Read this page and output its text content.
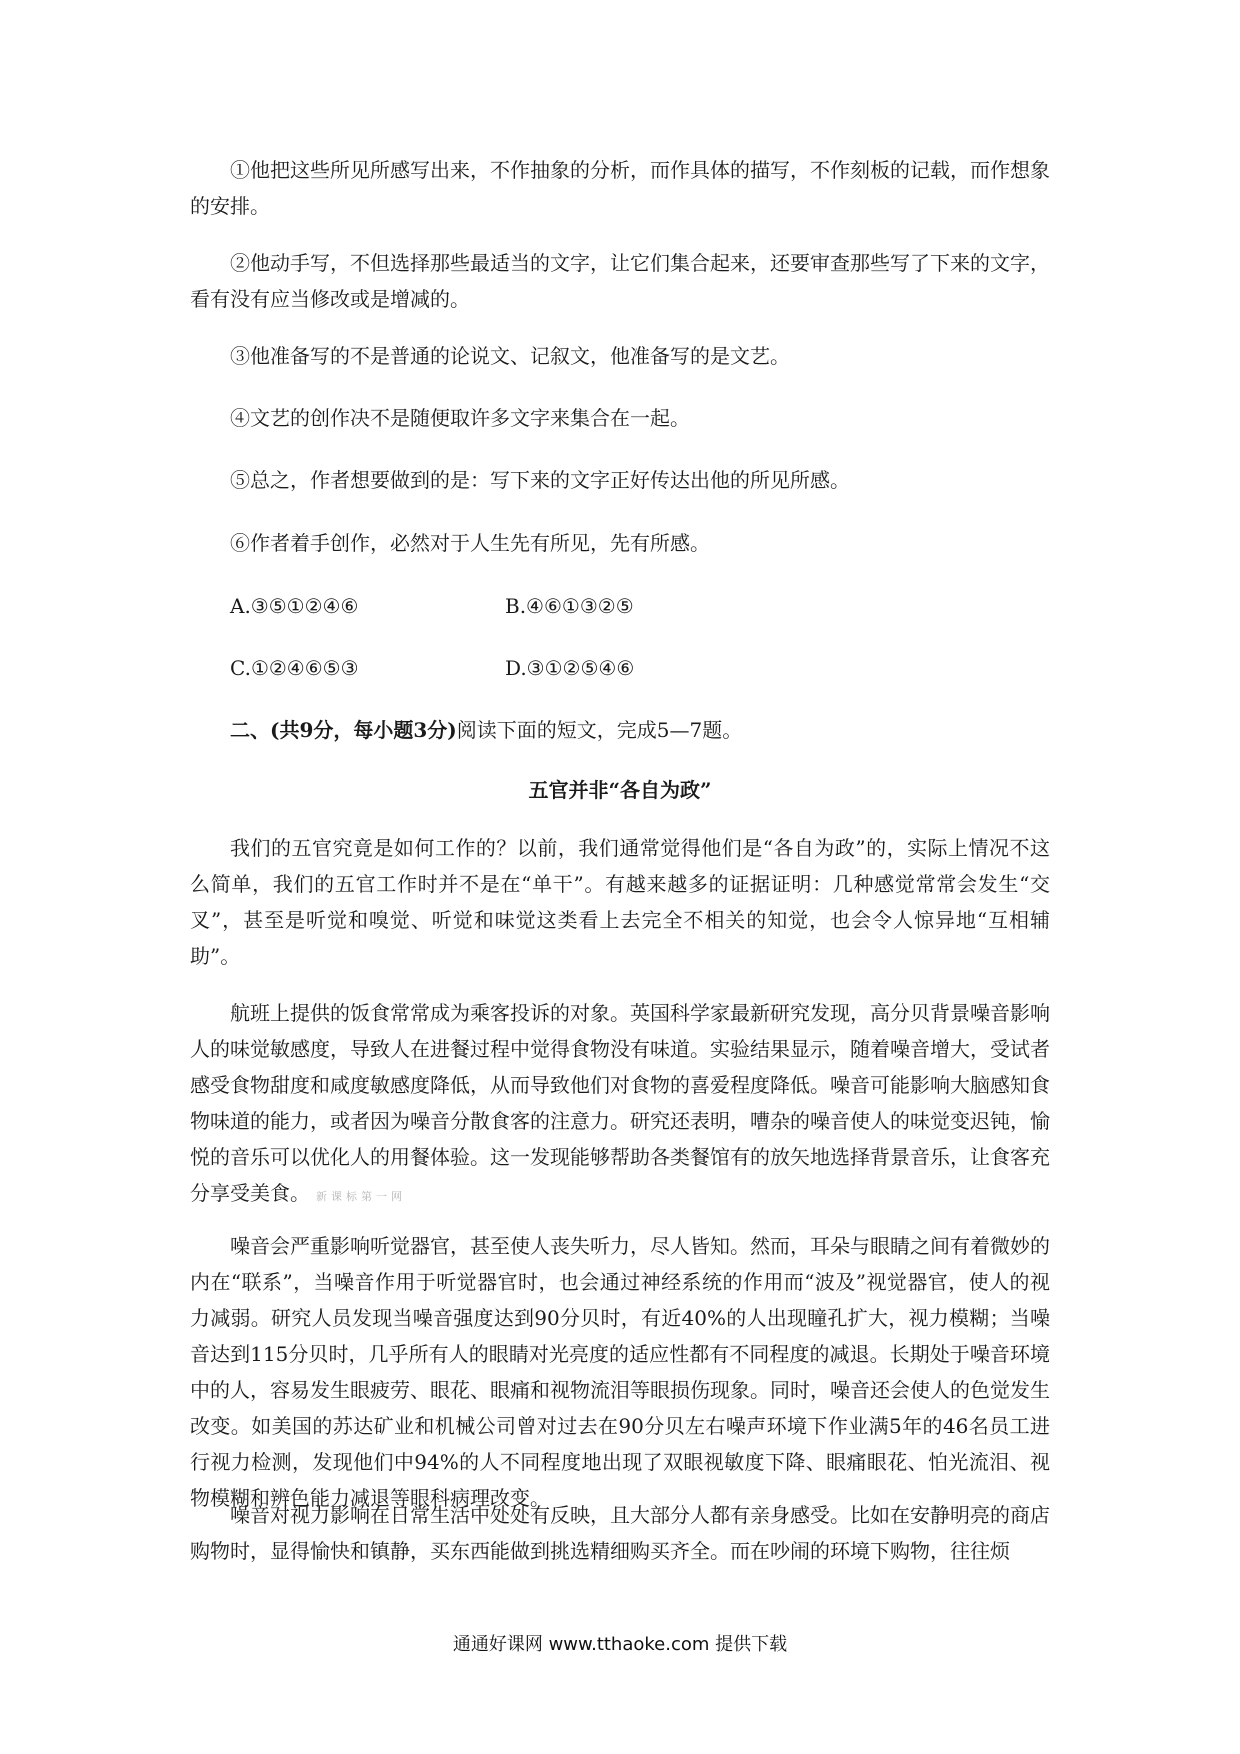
①他把这些所见所感写出来，不作抽象的分析，而作具体的描写，不作刻板的记载，而作想象的安排。

②他动手写，不但选择那些最适当的文字，让它们集合起来，还要审查那些写了下来的文字，看有没有应当修改或是增减的。

③他准备写的不是普通的论说文、记叙文，他准备写的是文艺。

④文艺的创作决不是随便取许多文字来集合在一起。

⑤总之，作者想要做到的是：写下来的文字正好传达出他的所见所感。

⑥作者着手创作，必然对于人生先有所见，先有所感。

A.③⑤①②④⑥	B.④⑥①③②⑤
C.①②④⑥⑤③	D.③①②⑤④⑥
二、(共9分，每小题3分)阅读下面的短文，完成5—7题。
五官并非“各自为政”

我们的五官究竟是如何工作的？以前，我们通常觉得他们是“各自为政”的，实际上情况不这么简单，我们的五官工作时并不是在“单干”。有越来越多的证据证明：几种感觉常常会发生“交叉”，甚至是听觉和嗅觉、听觉和味觉这类看上去完全不相关的知觉，也会令人惊异地“互相辅助”。

航班上提供的饭食常常成为乘客投诉的对象。英国科学家最新研究发现，高分贝背景噪音影响人的味觉敏感度，导致人在进餐过程中觉得食物没有味道。实验结果显示，随着噪音增大，受试者感受食物甜度和咸度敏感度降低，从而导致他们对食物的喜爱程度降低。噪音可能影响大脑感知食物味道的能力，或者因为噪音分散食客的注意力。研究还表明，嘈杂的噪音使人的味觉变迟钝，愉悦的音乐可以优化人的用餐体验。这一发现能够帮助各类餐馆有的放矢地选择背景音乐，让食客充分享受美食。 新课标第一网

噪音会严重影响听觉器官，甚至使人丧失听力，尽人皆知。然而，耳朵与眼睛之间有着微妙的内在“联系”，当噪音作用于听觉器官时，也会通过神经系统的作用而“波及”视觉器官，使人的视力减弱。研究人员发现当噪音强度达到90分贝时，有近40%的人出现瞳孔扩大，视力模糊；当噪音达到115分贝时，几乎所有人的眼睛对光亮度的适应性都有不同程度的减退。长期处于噪音环境中的人，容易发生眼疲劳、眼花、眼痛和视物流泪等眼损伤现象。同时，噪音还会使人的色觉发生改变。如美国的苏达矿业和机械公司曾对过去在90分贝左右噪声环境下作业满5年的46名员工进行视力检测，发现他们中94%的人不同程度地出现了双眼视敏度下降、眼痛眼花、怕光流泪、视物模糊和辨色能力减退等眼科病理改变。

噪音对视力影响在日常生活中处处有反映，且大部分人都有亲身感受。比如在安静明亮的商店购物时，显得愉快和镇静，买东西能做到挑选精细购买齐全。而在吵闹的环境下购物，往往烦

通通好课网 www.tthaoke.com 提供下载
